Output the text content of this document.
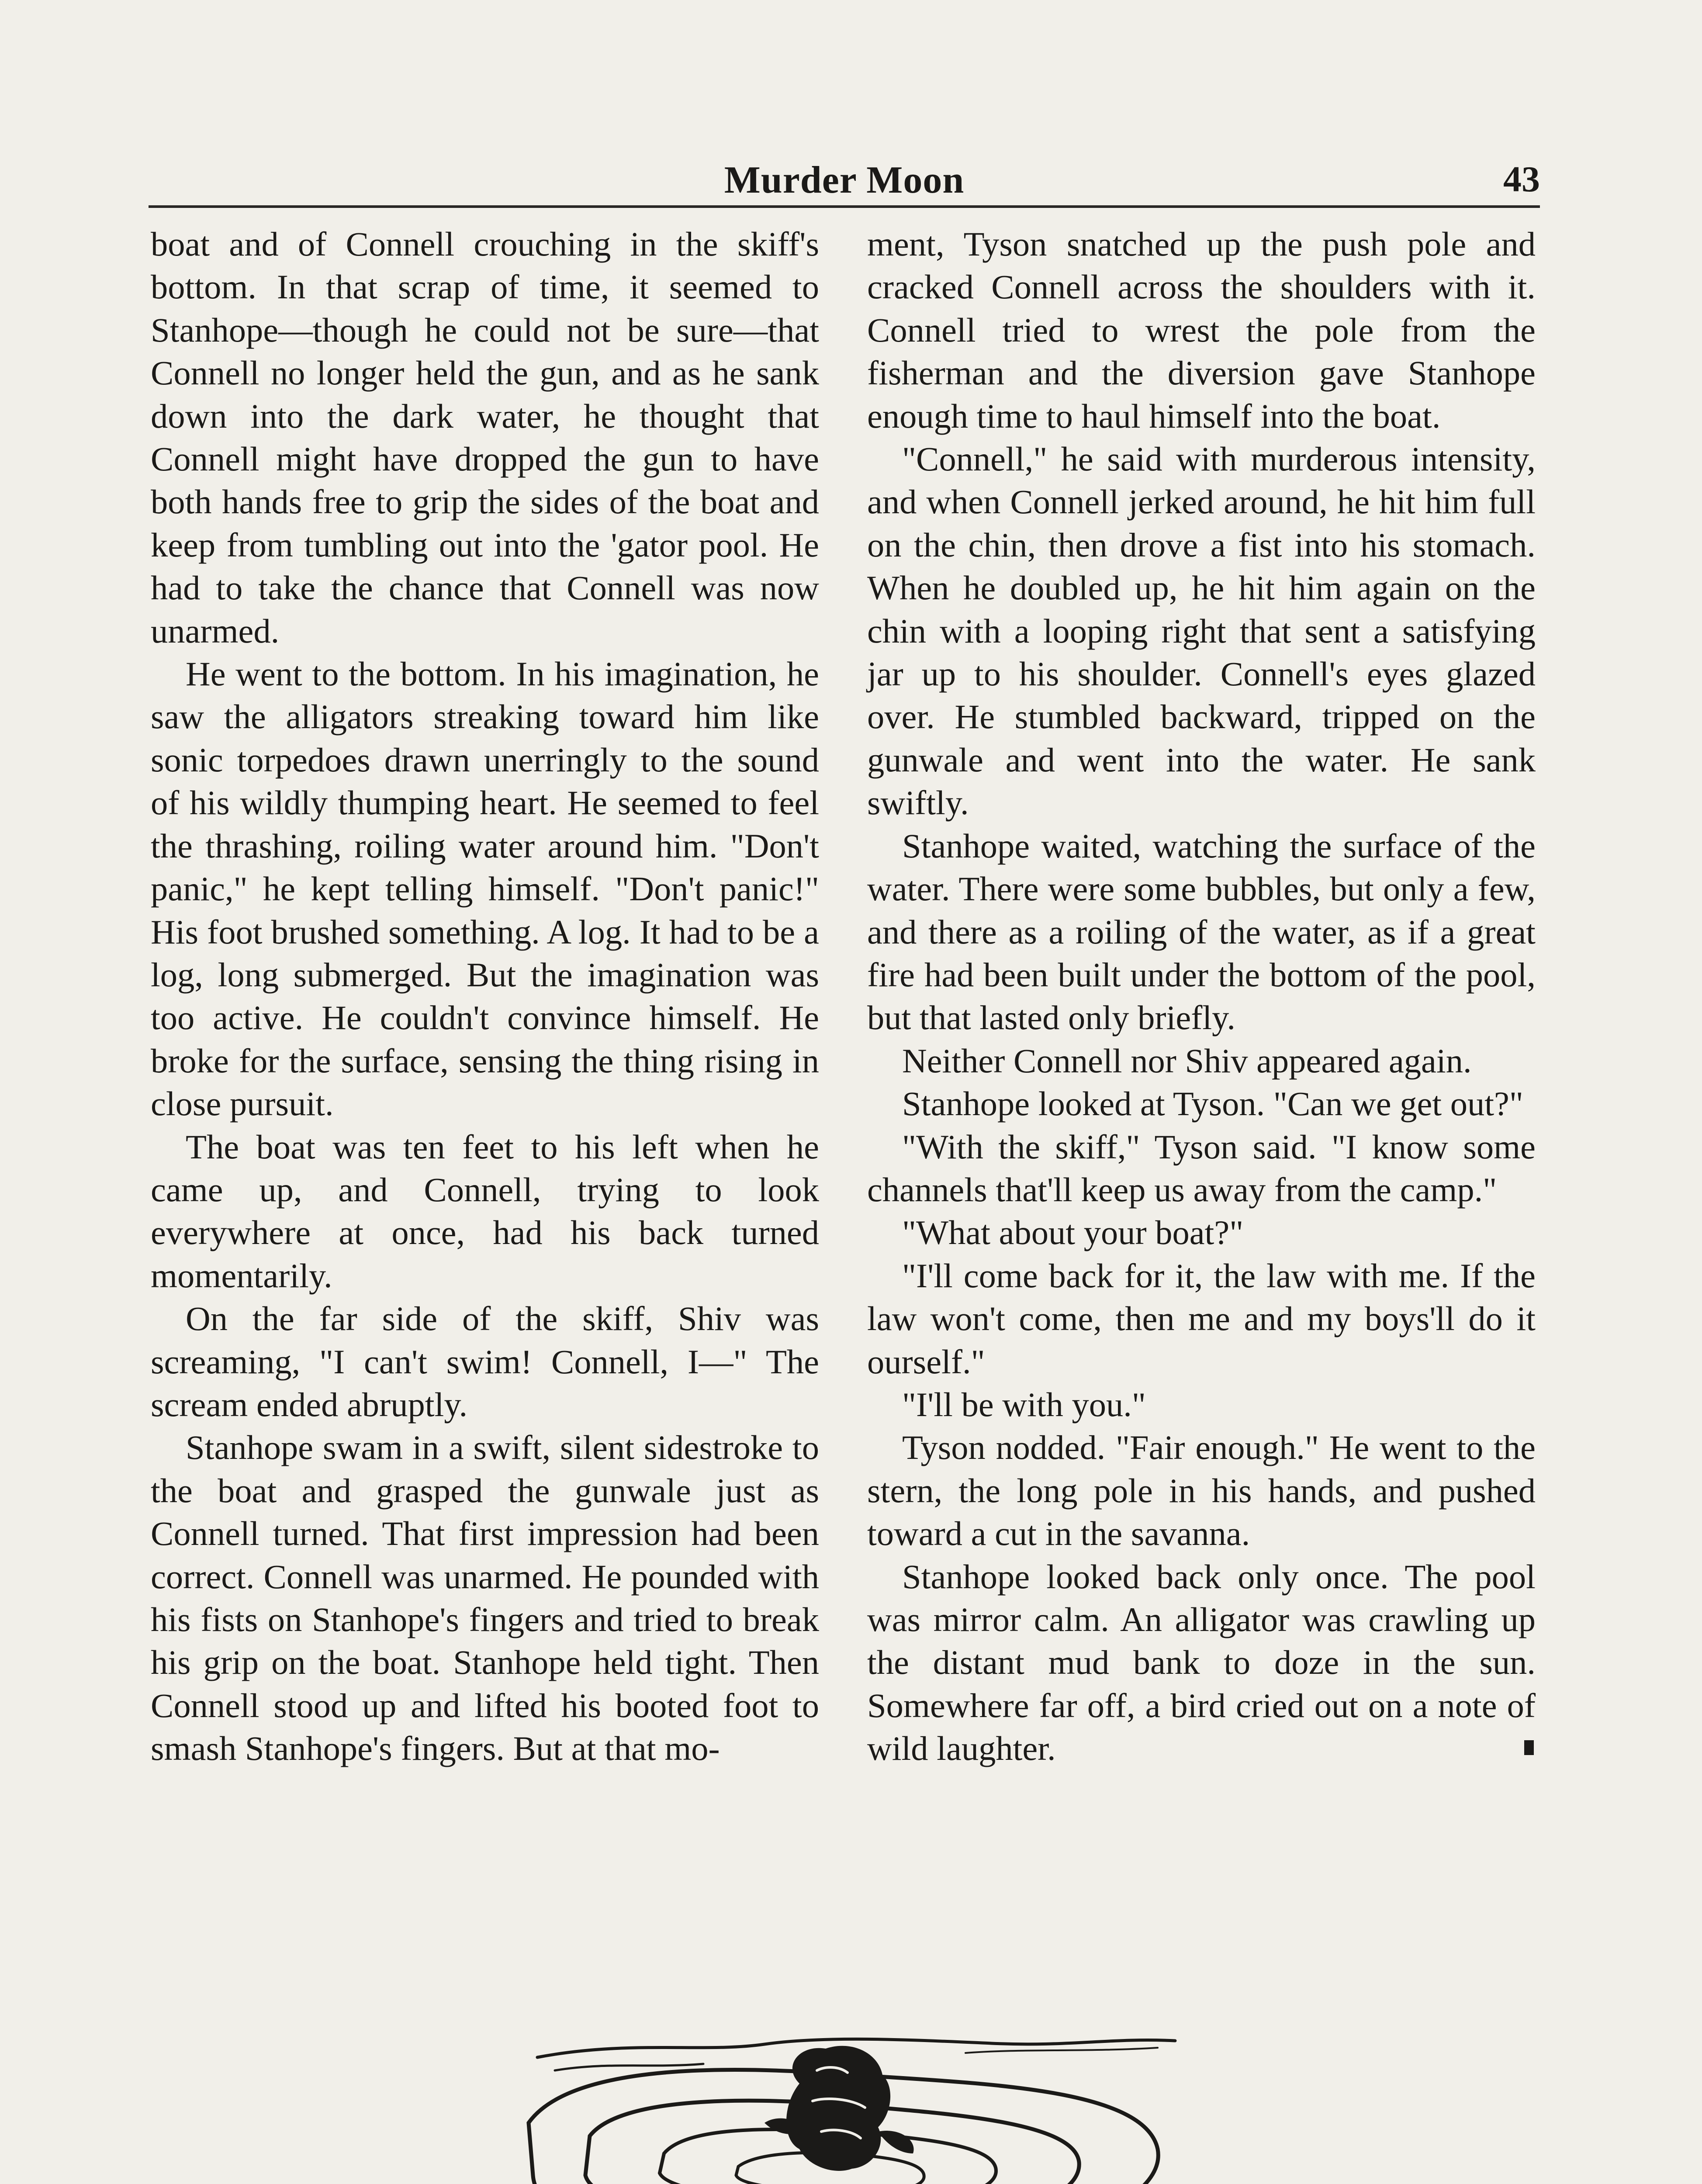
Murder Moon	43

boat and of Connell crouching in the skiff's bottom. In that scrap of time, it seemed to Stanhope—though he could not be sure—that Connell no longer held the gun, and as he sank down into the dark water, he thought that Connell might have dropped the gun to have both hands free to grip the sides of the boat and keep from tumbling out into the 'gator pool. He had to take the chance that Connell was now unarmed.

He went to the bottom. In his imagination, he saw the alligators streaking toward him like sonic torpedoes drawn unerringly to the sound of his wildly thumping heart. He seemed to feel the thrashing, roiling water around him. "Don't panic," he kept telling himself. "Don't panic!" His foot brushed something. A log. It had to be a log, long submerged. But the imagination was too active. He couldn't convince himself. He broke for the surface, sensing the thing rising in close pursuit.

The boat was ten feet to his left when he came up, and Connell, trying to look everywhere at once, had his back turned momentarily.

On the far side of the skiff, Shiv was screaming, "I can't swim! Connell, I—" The scream ended abruptly.

Stanhope swam in a swift, silent sidestroke to the boat and grasped the gunwale just as Connell turned. That first impression had been correct. Connell was unarmed. He pounded with his fists on Stanhope's fingers and tried to break his grip on the boat. Stanhope held tight. Then Connell stood up and lifted his booted foot to smash Stanhope's fingers. But at that mo-

ment, Tyson snatched up the push pole and cracked Connell across the shoulders with it. Connell tried to wrest the pole from the fisherman and the diversion gave Stanhope enough time to haul himself into the boat.

"Connell," he said with murderous intensity, and when Connell jerked around, he hit him full on the chin, then drove a fist into his stomach. When he doubled up, he hit him again on the chin with a looping right that sent a satisfying jar up to his shoulder. Connell's eyes glazed over. He stumbled backward, tripped on the gunwale and went into the water. He sank swiftly.

Stanhope waited, watching the surface of the water. There were some bubbles, but only a few, and there as a roiling of the water, as if a great fire had been built under the bottom of the pool, but that lasted only briefly.

Neither Connell nor Shiv appeared again.

Stanhope looked at Tyson. "Can we get out?"

"With the skiff," Tyson said. "I know some channels that'll keep us away from the camp."

"What about your boat?"

"I'll come back for it, the law with me. If the law won't come, then me and my boys'll do it ourself."

"I'll be with you."

Tyson nodded. "Fair enough." He went to the stern, the long pole in his hands, and pushed toward a cut in the savanna.

Stanhope looked back only once. The pool was mirror calm. An alligator was crawling up the distant mud bank to doze in the sun. Somewhere far off, a bird cried out on a note of wild laughter.
